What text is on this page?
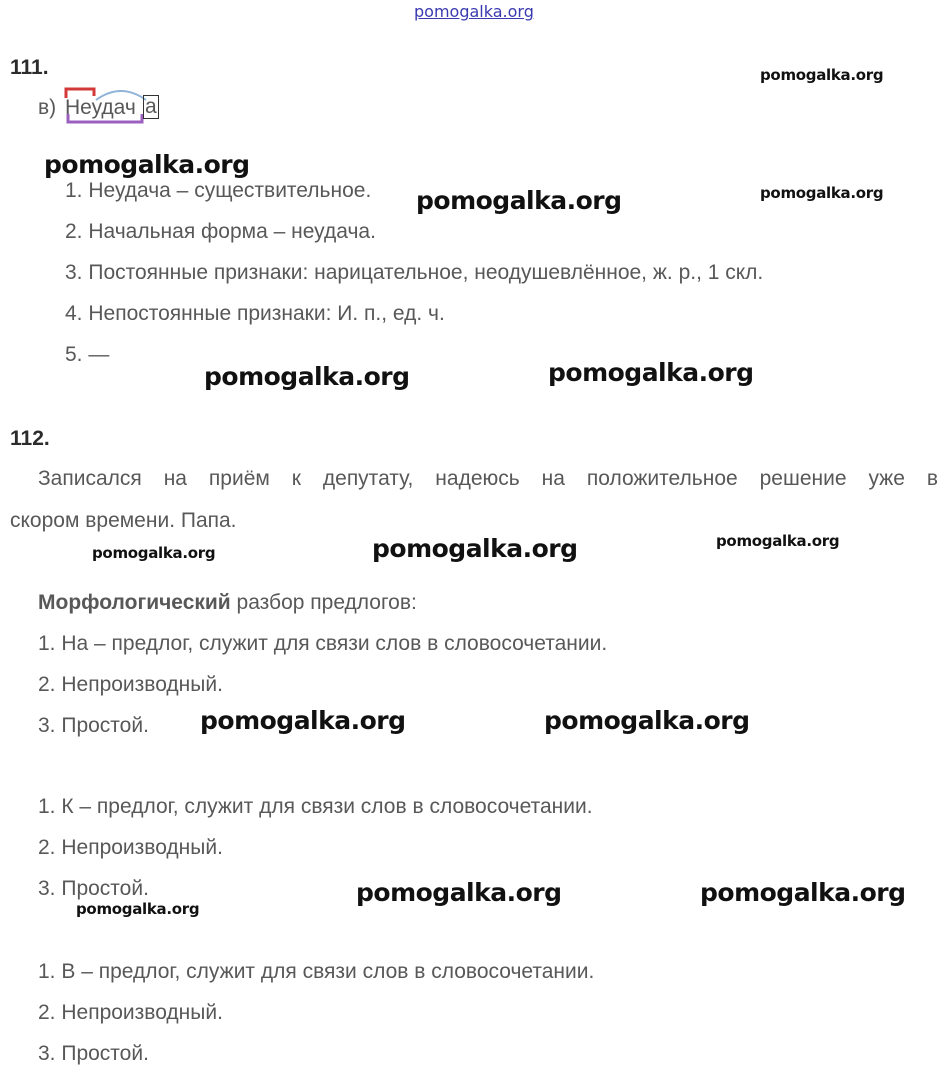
pomogalka.org
111.
в) Неудач а
1. Неудача – существительное.
2. Начальная форма – неудача.
3. Постоянные признаки: нарицательное, неодушевлённое, ж. р., 1 скл.
4. Непостоянные признаки: И. п., ед. ч.
5. —
112.
Записался на приём к депутату, надеюсь на положительное решение уже в
скором времени. Папа.
Морфологический разбор предлогов:
1. На – предлог, служит для связи слов в словосочетании.
2. Непроизводный.
3. Простой.
1. К – предлог, служит для связи слов в словосочетании.
2. Непроизводный.
3. Простой.
1. В – предлог, служит для связи слов в словосочетании.
2. Непроизводный.
3. Простой.
pomogalka.org
pomogalka.org
pomogalka.org	pomogalka.org
pomogalka.org	pomogalka.org
pomogalka.org	pomogalka.org	pomogalka.org
pomogalka.org	pomogalka.org
pomogalka.org	pomogalka.org
pomogalka.org
